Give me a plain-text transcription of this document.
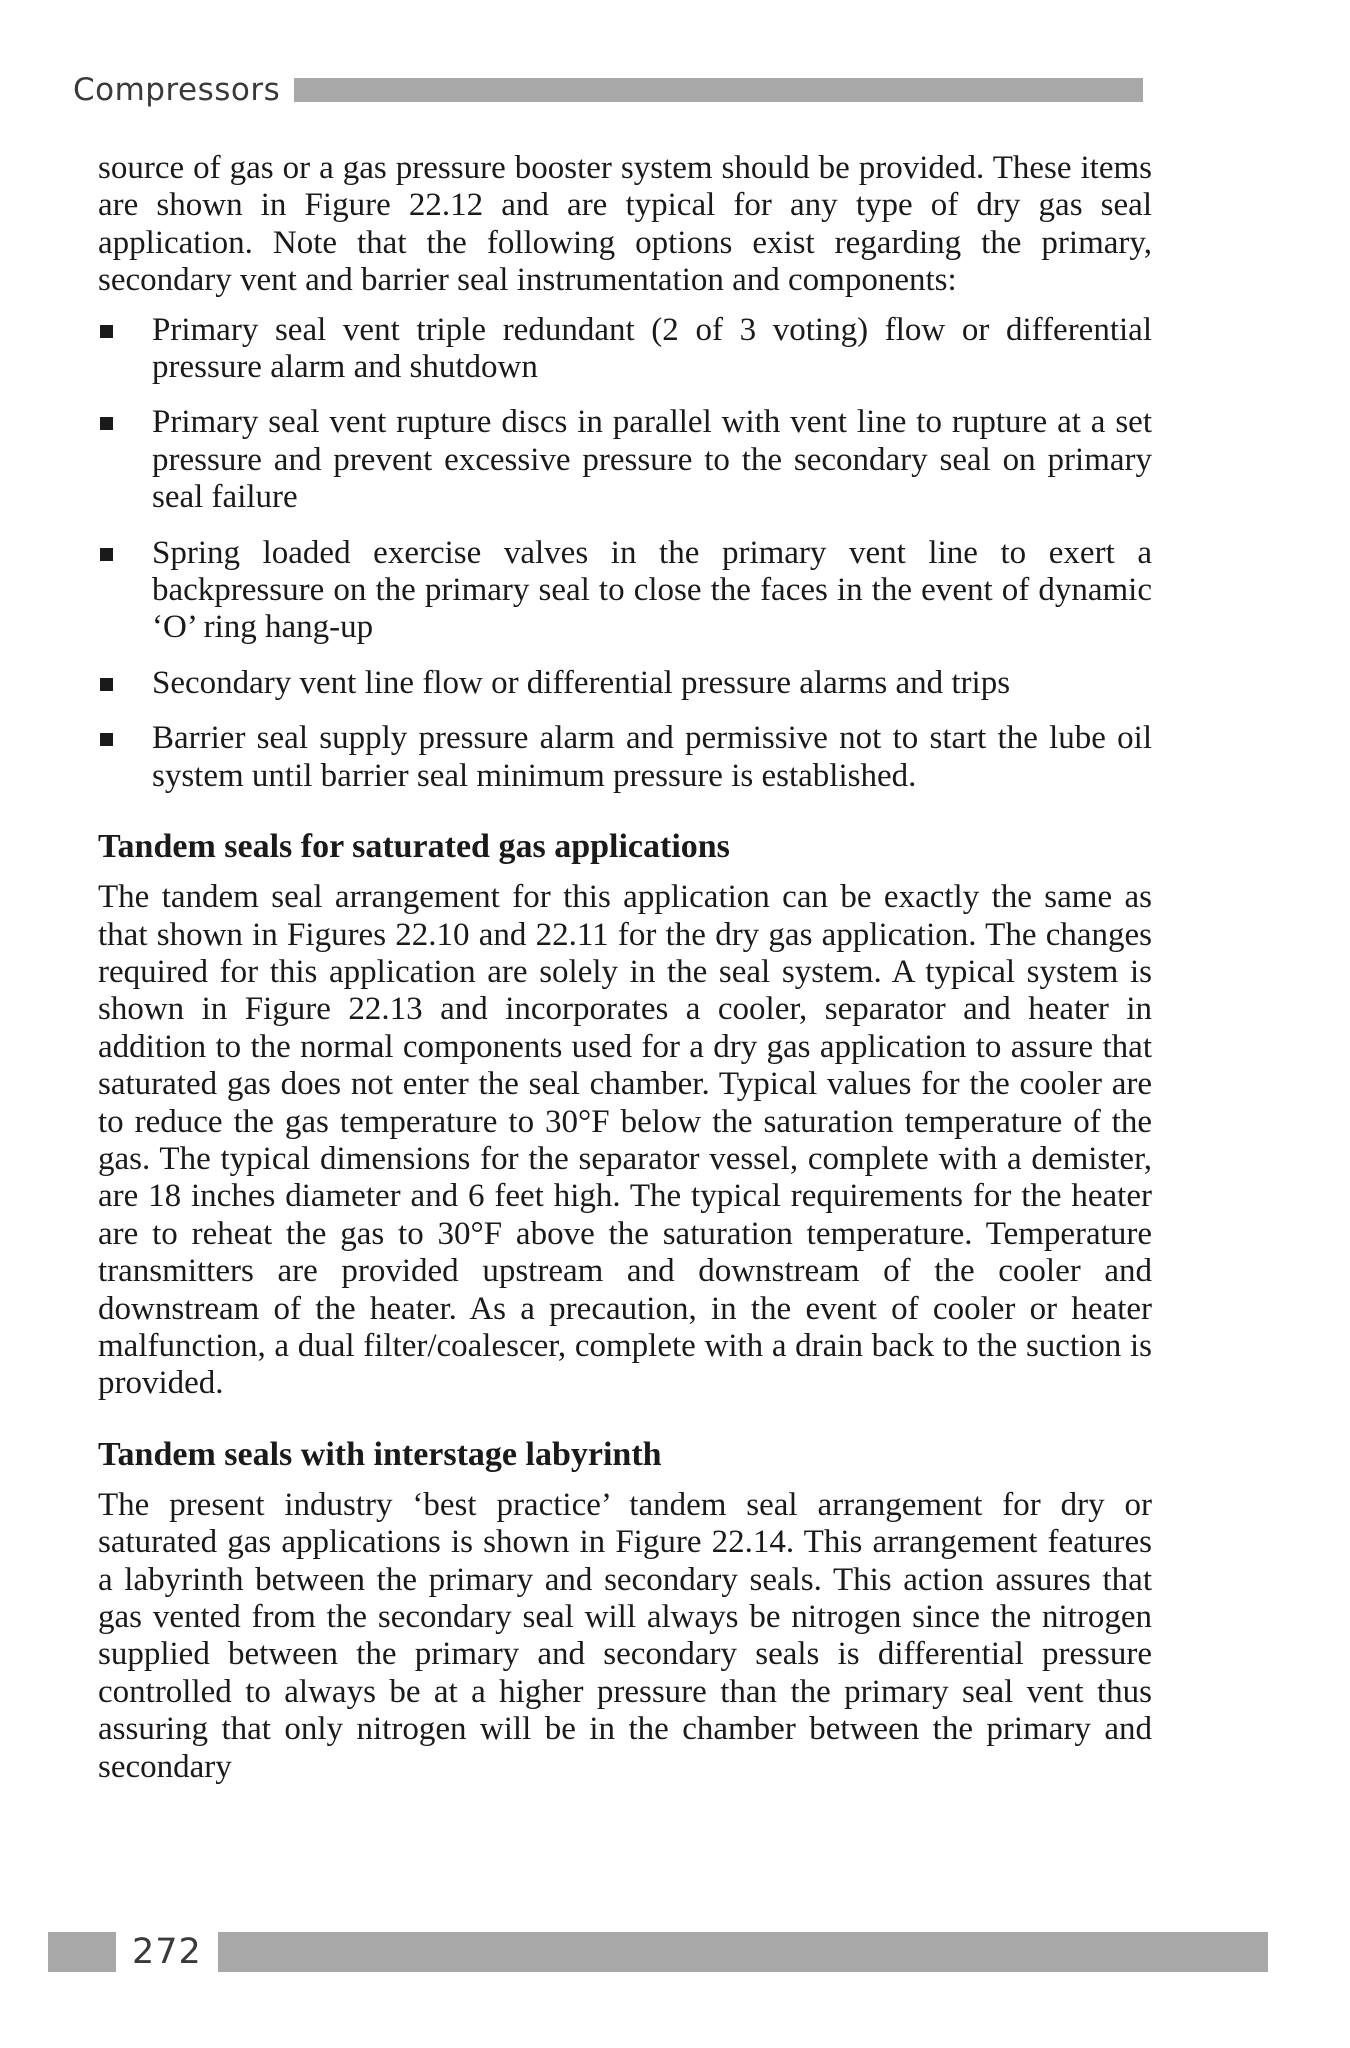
Compressors

source of gas or a gas pressure booster system should be provided. These items are shown in Figure 22.12 and are typical for any type of dry gas seal application. Note that the following options exist regarding the primary, secondary vent and barrier seal instrumentation and components:

Primary seal vent triple redundant (2 of 3 voting) flow or differential pressure alarm and shutdown
Primary seal vent rupture discs in parallel with vent line to rupture at a set pressure and prevent excessive pressure to the secondary seal on primary seal failure
Spring loaded exercise valves in the primary vent line to exert a backpressure on the primary seal to close the faces in the event of dynamic ‘O’ ring hang-up
Secondary vent line flow or differential pressure alarms and trips
Barrier seal supply pressure alarm and permissive not to start the lube oil system until barrier seal minimum pressure is established.
Tandem seals for saturated gas applications

The tandem seal arrangement for this application can be exactly the same as that shown in Figures 22.10 and 22.11 for the dry gas application. The changes required for this application are solely in the seal system. A typical system is shown in Figure 22.13 and incorporates a cooler, separator and heater in addition to the normal components used for a dry gas application to assure that saturated gas does not enter the seal chamber. Typical values for the cooler are to reduce the gas temperature to 30°F below the saturation temperature of the gas. The typical dimensions for the separator vessel, complete with a demister, are 18 inches diameter and 6 feet high. The typical requirements for the heater are to reheat the gas to 30°F above the saturation temperature. Temperature transmitters are provided upstream and downstream of the cooler and downstream of the heater. As a precaution, in the event of cooler or heater malfunction, a dual filter/coalescer, complete with a drain back to the suction is provided.

Tandem seals with interstage labyrinth

The present industry ‘best practice’ tandem seal arrangement for dry or saturated gas applications is shown in Figure 22.14. This arrangement features a labyrinth between the primary and secondary seals. This action assures that gas vented from the secondary seal will always be nitrogen since the nitrogen supplied between the primary and secondary seals is differential pressure controlled to always be at a higher pressure than the primary seal vent thus assuring that only nitrogen will be in the chamber between the primary and secondary

272
